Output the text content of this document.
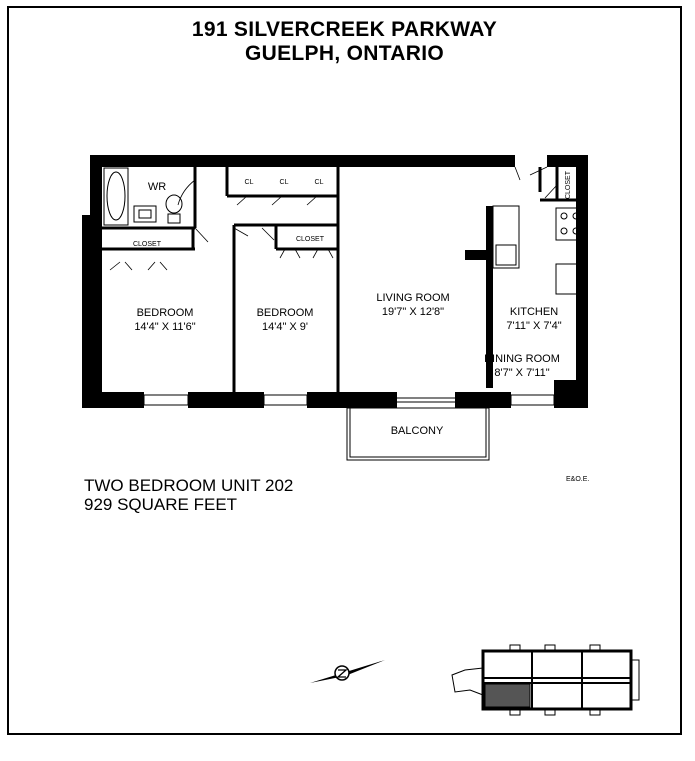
191 SILVERCREEK PARKWAY
GUELPH, ONTARIO
WR
CLOSET
CLOSET
CLOSET
CL	CL	CL
BEDROOM
14'4" X 11'6"
BEDROOM
14'4" X 9'
LIVING ROOM
19'7" X 12'8"	KITCHEN
7'11" X 7'4"
DINING ROOM
8'7" X 7'11"
BALCONY
TWO BEDROOM UNIT 202
929 SQUARE FEET
E&O.E.
